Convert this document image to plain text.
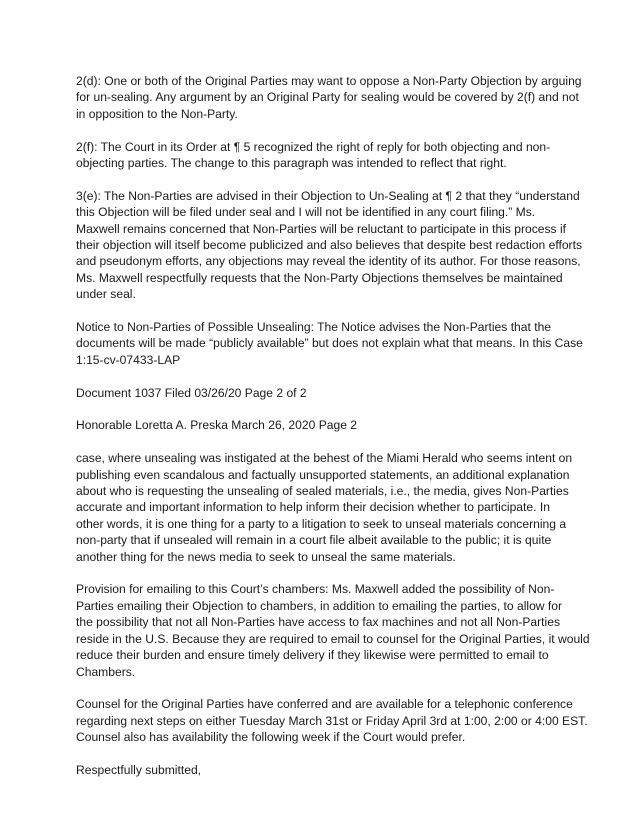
2(d): One or both of the Original Parties may want to oppose a Non-Party Objection by arguing
for un-sealing. Any argument by an Original Party for sealing would be covered by 2(f) and not
in opposition to the Non-Party.

2(f): The Court in its Order at ¶ 5 recognized the right of reply for both objecting and non-
objecting parties. The change to this paragraph was intended to reflect that right.

3(e): The Non-Parties are advised in their Objection to Un-Sealing at ¶ 2 that they “understand
this Objection will be filed under seal and I will not be identified in any court filing.” Ms.
Maxwell remains concerned that Non-Parties will be reluctant to participate in this process if
their objection will itself become publicized and also believes that despite best redaction efforts
and pseudonym efforts, any objections may reveal the identity of its author. For those reasons,
Ms. Maxwell respectfully requests that the Non-Party Objections themselves be maintained
under seal.

Notice to Non-Parties of Possible Unsealing: The Notice advises the Non-Parties that the
documents will be made “publicly available” but does not explain what that means. In this Case
1:15-cv-07433-LAP

Document 1037 Filed 03/26/20 Page 2 of 2

Honorable Loretta A. Preska March 26, 2020 Page 2

case, where unsealing was instigated at the behest of the Miami Herald who seems intent on
publishing even scandalous and factually unsupported statements, an additional explanation
about who is requesting the unsealing of sealed materials, i.e., the media, gives Non-Parties
accurate and important information to help inform their decision whether to participate. In
other words, it is one thing for a party to a litigation to seek to unseal materials concerning a
non-party that if unsealed will remain in a court file albeit available to the public; it is quite
another thing for the news media to seek to unseal the same materials.

Provision for emailing to this Court’s chambers: Ms. Maxwell added the possibility of Non-
Parties emailing their Objection to chambers, in addition to emailing the parties, to allow for
the possibility that not all Non-Parties have access to fax machines and not all Non-Parties
reside in the U.S. Because they are required to email to counsel for the Original Parties, it would
reduce their burden and ensure timely delivery if they likewise were permitted to email to
Chambers.

Counsel for the Original Parties have conferred and are available for a telephonic conference
regarding next steps on either Tuesday March 31st or Friday April 3rd at 1:00, 2:00 or 4:00 EST.
Counsel also has availability the following week if the Court would prefer.

Respectfully submitted,
